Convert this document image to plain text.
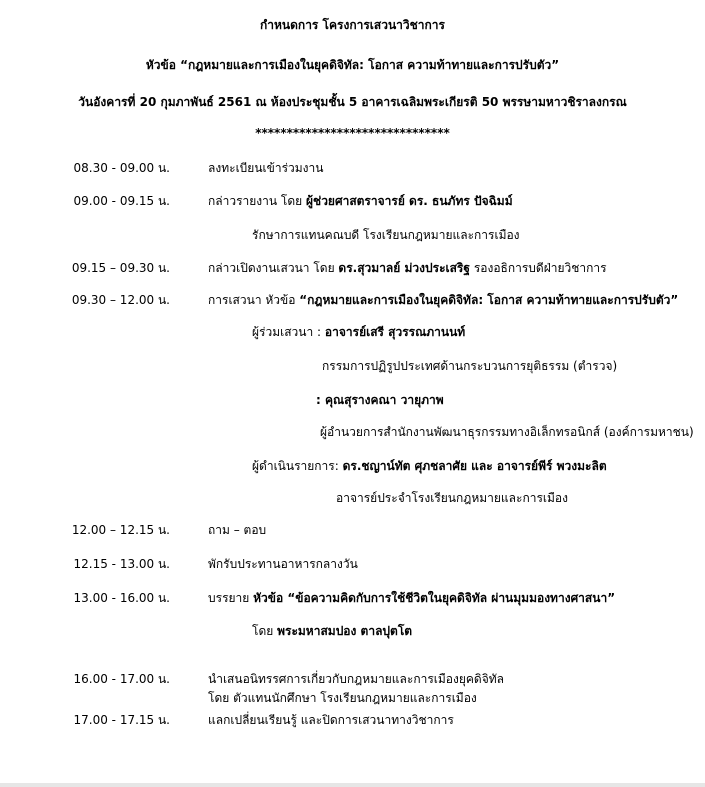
กำหนดการ โครงการเสวนาวิชาการ
หัวข้อ “กฎหมายและการเมืองในยุคดิจิทัล: โอกาส ความท้าทายและการปรับตัว”
วันอังคารที่ 20 กุมภาพันธ์ 2561 ณ ห้องประชุมชั้น 5 อาคารเฉลิมพระเกียรติ 50 พรรษามหาวชิราลงกรณ
*******************************
08.30 - 09.00 น.	ลงทะเบียนเข้าร่วมงาน
09.00 - 09.15 น.	กล่าวรายงาน โดย ผู้ช่วยศาสตราจารย์ ดร. ธนภัทร ปัจฉิมม์
รักษาการแทนคณบดี โรงเรียนกฎหมายและการเมือง
09.15 – 09.30 น.	กล่าวเปิดงานเสวนา โดย ดร.สุวมาลย์ ม่วงประเสริฐ รองอธิการบดีฝ่ายวิชาการ
09.30 – 12.00 น.	การเสวนา หัวข้อ “กฎหมายและการเมืองในยุคดิจิทัล: โอกาส ความท้าทายและการปรับตัว”
ผู้ร่วมเสวนา : อาจารย์เสรี สุวรรณภานนท์
กรรมการปฏิรูปประเทศด้านกระบวนการยุติธรรม (ตำรวจ)
: คุณสุรางคณา วายุภาพ
ผู้อำนวยการสำนักงานพัฒนาธุรกรรมทางอิเล็กทรอนิกส์ (องค์การมหาชน)
ผู้ดำเนินรายการ: ดร.ชญาน์ทัต ศุภชลาศัย และ อาจารย์พีร์ พวงมะลิต
อาจารย์ประจำโรงเรียนกฎหมายและการเมือง
12.00 – 12.15 น.	ถาม – ตอบ
12.15 - 13.00 น.	พักรับประทานอาหารกลางวัน
13.00 - 16.00 น.	บรรยาย หัวข้อ “ข้อความคิดกับการใช้ชีวิตในยุคดิจิทัล ผ่านมุมมองทางศาสนา”
โดย พระมหาสมปอง ตาลปุตโต
16.00 - 17.00 น.	นำเสนอนิทรรศการเกี่ยวกับกฎหมายและการเมืองยุคดิจิทัล
โดย ตัวแทนนักศึกษา โรงเรียนกฎหมายและการเมือง
17.00 - 17.15 น.	แลกเปลี่ยนเรียนรู้ และปิดการเสวนาทางวิชาการ
